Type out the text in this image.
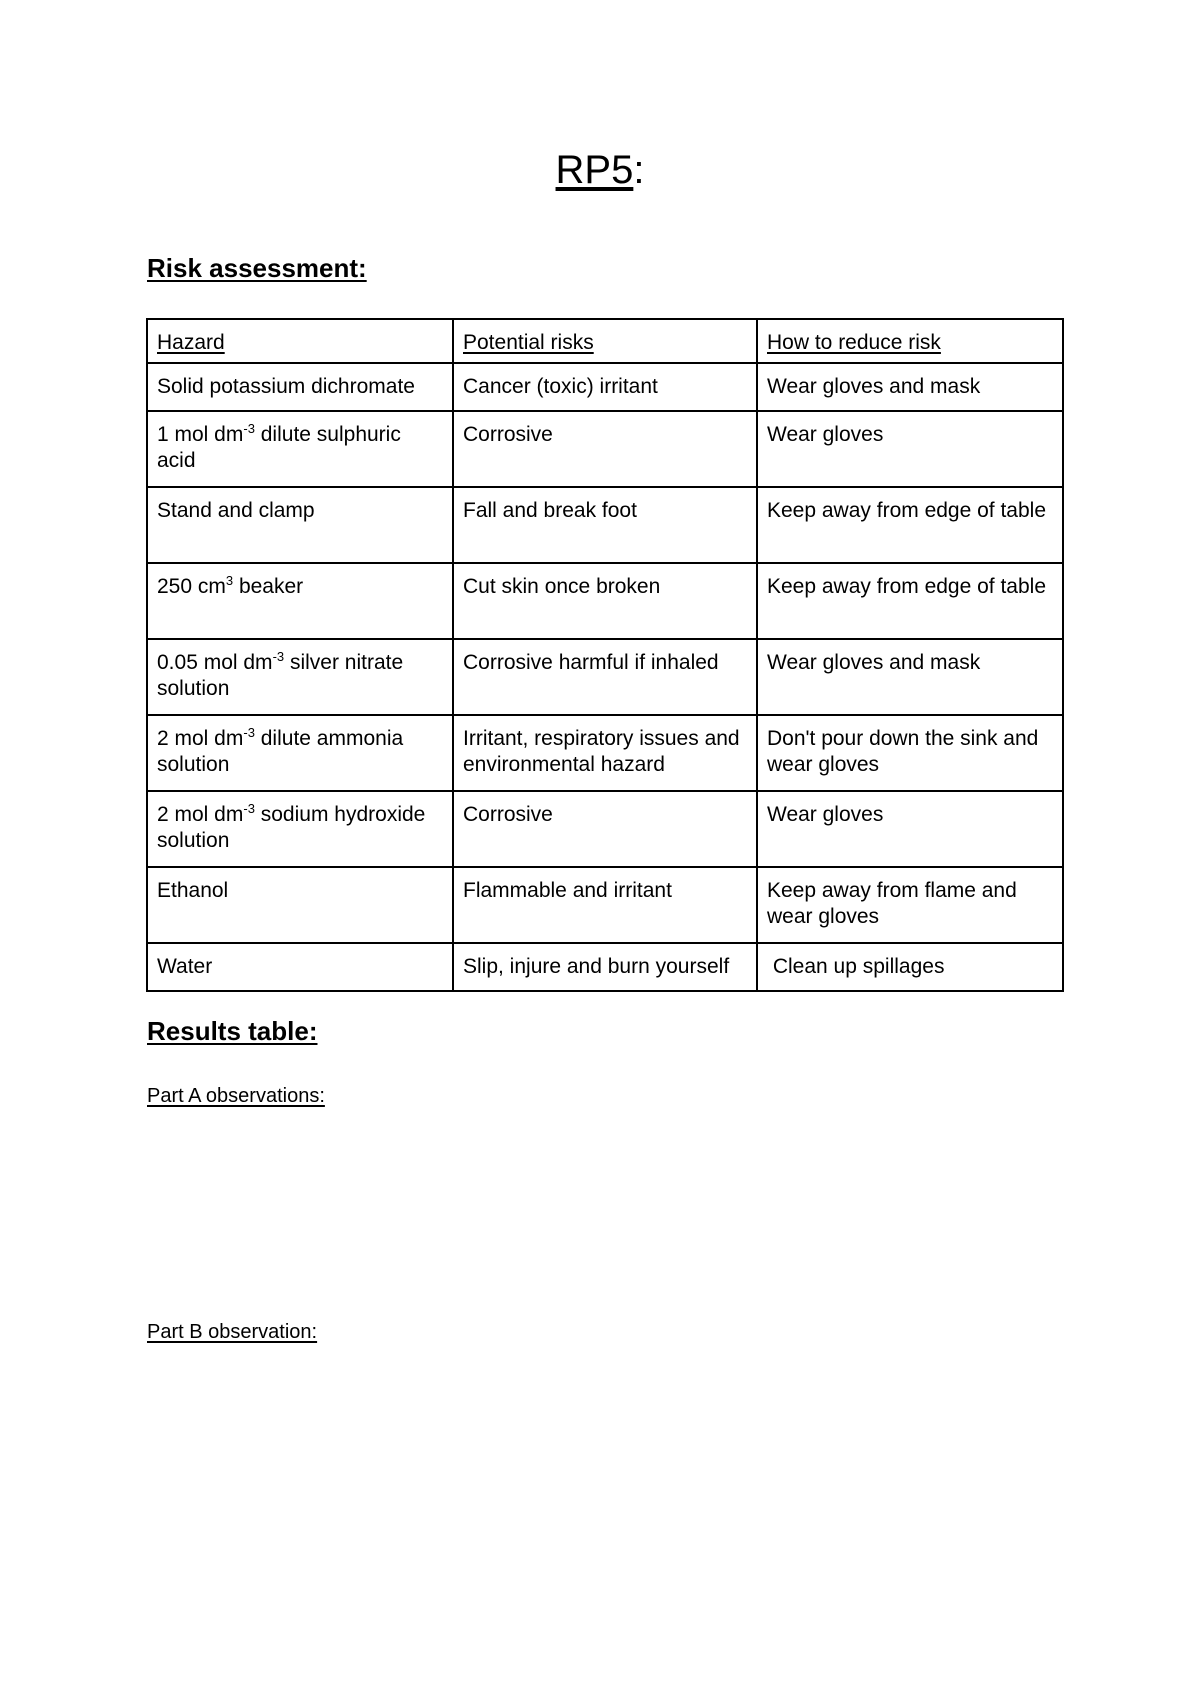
RP5:
Risk assessment:
Hazard	Potential risks	How to reduce risk
Solid potassium dichromate	Cancer (toxic) irritant	Wear gloves and mask
1 mol $dm^{-3}$ dilute sulphuric acid	Corrosive	Wear gloves
Stand and clamp	Fall and break foot	Keep away from edge of table
250 $cm^3$ beaker	Cut skin once broken	Keep away from edge of table
0.05 mol $dm^{-3}$ silver nitrate solution	Corrosive harmful if inhaled	Wear gloves and mask
2 mol $dm^{-3}$ dilute ammonia solution	Irritant, respiratory issues and environmental hazard	Don't pour down the sink and wear gloves
2 mol $dm^{-3}$ sodium hydroxide solution	Corrosive	Wear gloves
Ethanol	Flammable and irritant	Keep away from flame and wear gloves
Water	Slip, injure and burn yourself	Clean up spillages
Results table:
Part A observations:
Part B observation:
